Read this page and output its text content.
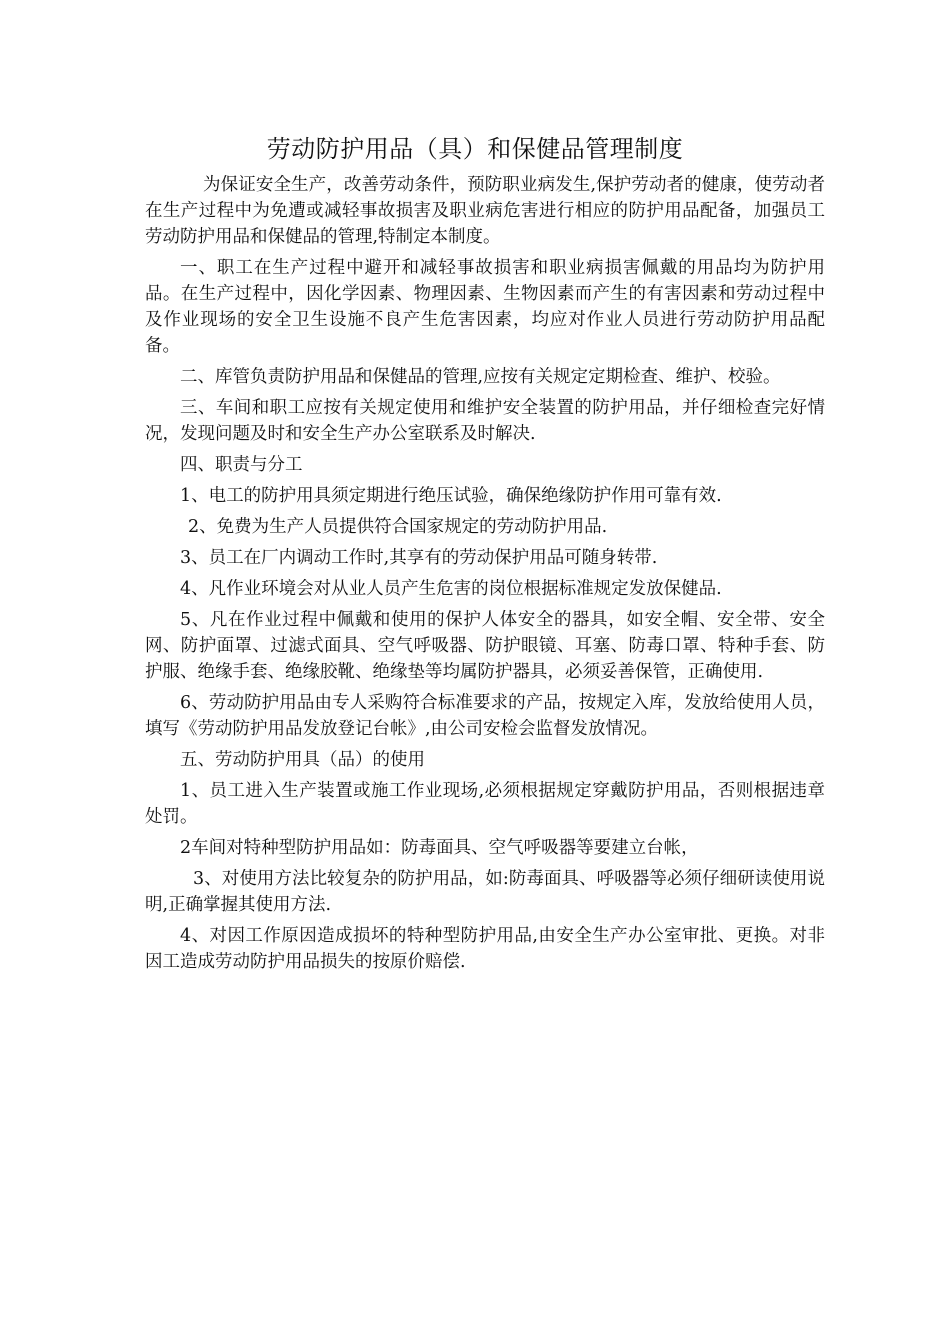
劳动防护用品（具）和保健品管理制度

为保证安全生产，改善劳动条件，预防职业病发生,保护劳动者的健康，使劳动者在生产过程中为免遭或减轻事故损害及职业病危害进行相应的防护用品配备，加强员工劳动防护用品和保健品的管理,特制定本制度。

一、职工在生产过程中避开和减轻事故损害和职业病损害佩戴的用品均为防护用品。在生产过程中，因化学因素、物理因素、生物因素而产生的有害因素和劳动过程中及作业现场的安全卫生设施不良产生危害因素，均应对作业人员进行劳动防护用品配备。

二、库管负责防护用品和保健品的管理,应按有关规定定期检查、维护、校验。

三、车间和职工应按有关规定使用和维护安全装置的防护用品，并仔细检查完好情况，发现问题及时和安全生产办公室联系及时解决.

四、职责与分工

1、电工的防护用具须定期进行绝压试验，确保绝缘防护作用可靠有效.

2、免费为生产人员提供符合国家规定的劳动防护用品.

3、员工在厂内调动工作时,其享有的劳动保护用品可随身转带.

4、凡作业环境会对从业人员产生危害的岗位根据标准规定发放保健品.

5、凡在作业过程中佩戴和使用的保护人体安全的器具，如安全帽、安全带、安全网、防护面罩、过滤式面具、空气呼吸器、防护眼镜、耳塞、防毒口罩、特种手套、防护服、绝缘手套、绝缘胶靴、绝缘垫等均属防护器具，必须妥善保管，正确使用.

6、劳动防护用品由专人采购符合标准要求的产品，按规定入库，发放给使用人员，填写《劳动防护用品发放登记台帐》,由公司安检会监督发放情况。

五、劳动防护用具（品）的使用

1、员工进入生产装置或施工作业现场,必须根据规定穿戴防护用品，否则根据违章处罚。

2车间对特种型防护用品如：防毒面具、空气呼吸器等要建立台帐，

3、对使用方法比较复杂的防护用品，如:防毒面具、呼吸器等必须仔细研读使用说明,正确掌握其使用方法.

4、对因工作原因造成损坏的特种型防护用品,由安全生产办公室审批、更换。对非因工造成劳动防护用品损失的按原价赔偿.
